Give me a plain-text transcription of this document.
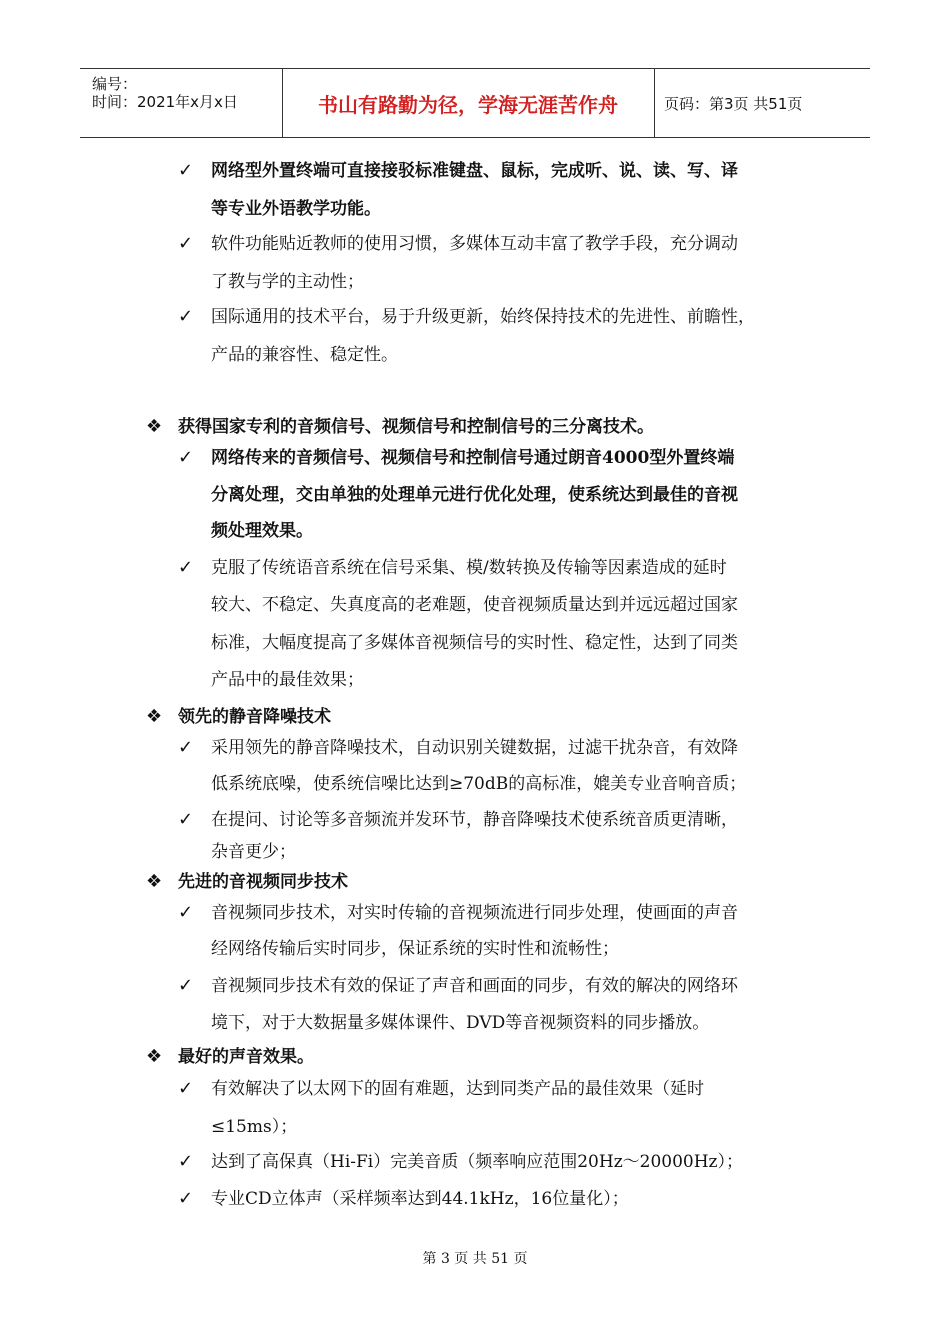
编号：
时间：2021年x月x日	书山有路勤为径，学海无涯苦作舟	页码：第3页 共51页
✓ 网络型外置终端可直接接驳标准键盘、鼠标，完成听、说、读、写、译
等专业外语教学功能。
✓ 软件功能贴近教师的使用习惯，多媒体互动丰富了教学手段，充分调动
了教与学的主动性；
✓ 国际通用的技术平台，易于升级更新，始终保持技术的先进性、前瞻性，
产品的兼容性、稳定性。
❖ 获得国家专利的音频信号、视频信号和控制信号的三分离技术。
✓ 网络传来的音频信号、视频信号和控制信号通过朗音4000型外置终端
分离处理，交由单独的处理单元进行优化处理，使系统达到最佳的音视
频处理效果。
✓ 克服了传统语音系统在信号采集、模/数转换及传输等因素造成的延时
较大、不稳定、失真度高的老难题，使音视频质量达到并远远超过国家
标准，大幅度提高了多媒体音视频信号的实时性、稳定性，达到了同类
产品中的最佳效果；
❖ 领先的静音降噪技术
✓ 采用领先的静音降噪技术，自动识别关键数据，过滤干扰杂音，有效降
低系统底噪，使系统信噪比达到≥70dB的高标准，媲美专业音响音质；
✓ 在提问、讨论等多音频流并发环节，静音降噪技术使系统音质更清晰，
杂音更少；
❖ 先进的音视频同步技术
✓ 音视频同步技术，对实时传输的音视频流进行同步处理，使画面的声音
经网络传输后实时同步，保证系统的实时性和流畅性；
✓ 音视频同步技术有效的保证了声音和画面的同步，有效的解决的网络环
境下，对于大数据量多媒体课件、DVD等音视频资料的同步播放。
❖ 最好的声音效果。
✓ 有效解决了以太网下的固有难题，达到同类产品的最佳效果（延时
≤15ms）；
✓ 达到了高保真（Hi-Fi）完美音质（频率响应范围20Hz～20000Hz）；
✓ 专业CD立体声（采样频率达到44.1kHz，16位量化）；
第 3 页 共 51 页
